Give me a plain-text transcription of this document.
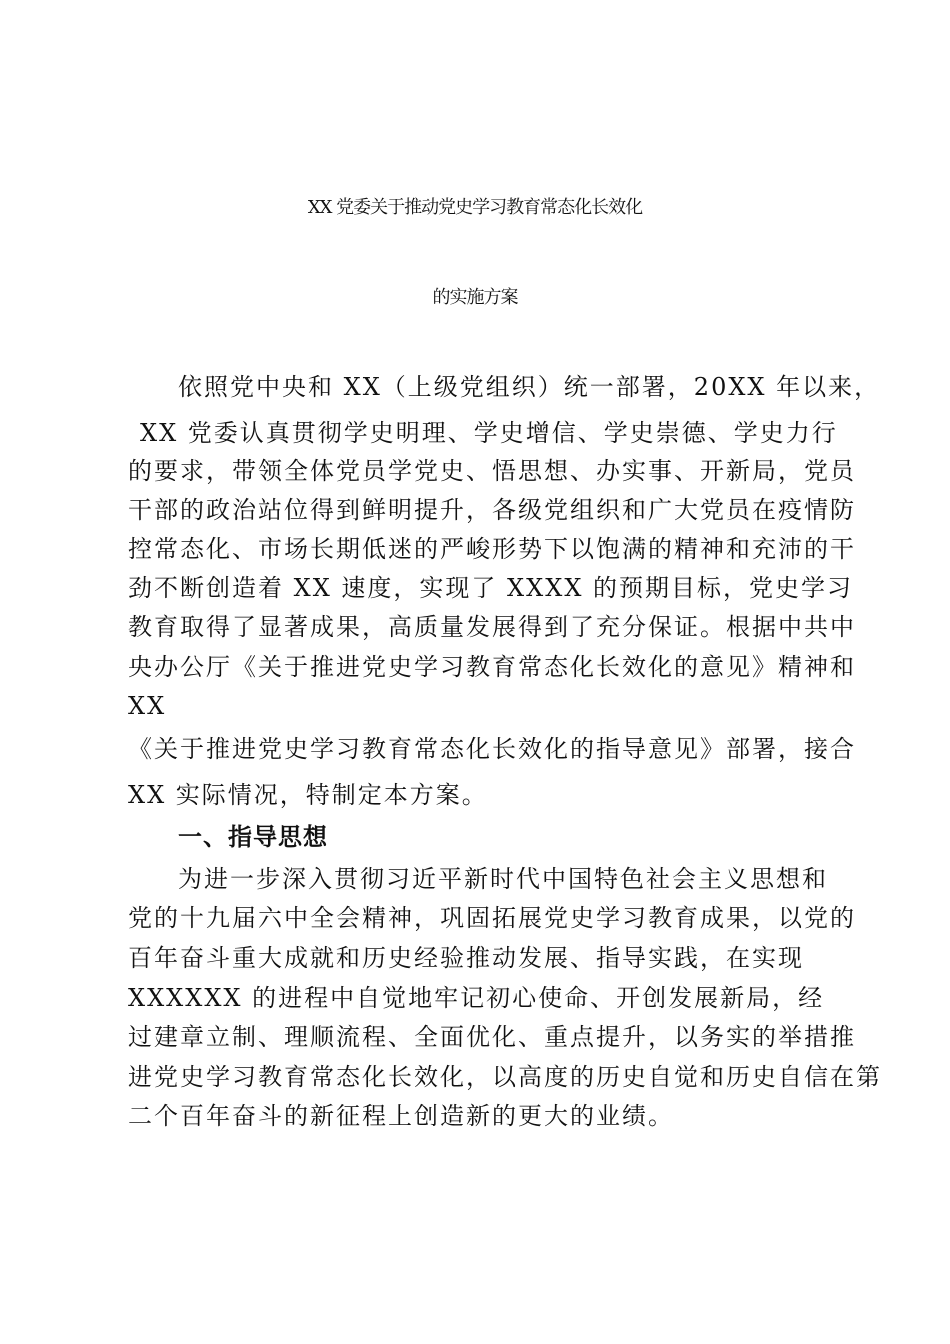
XX 党委关于推动党史学习教育常态化长效化
的实施方案
依照党中央和 XX（上级党组织）统一部署，20XX 年以来，
XX 党委认真贯彻学史明理、学史增信、学史崇德、学史力行
的要求，带领全体党员学党史、悟思想、办实事、开新局，党员
干部的政治站位得到鲜明提升，各级党组织和广大党员在疫情防
控常态化、市场长期低迷的严峻形势下以饱满的精神和充沛的干
劲不断创造着 XX 速度，实现了 XXXX 的预期目标，党史学习
教育取得了显著成果，高质量发展得到了充分保证。根据中共中
央办公厅《关于推进党史学习教育常态化长效化的意见》精神和
XX
《关于推进党史学习教育常态化长效化的指导意见》部署，接合
XX 实际情况，特制定本方案。
一、指导思想
为进一步深入贯彻习近平新时代中国特色社会主义思想和
党的十九届六中全会精神，巩固拓展党史学习教育成果，以党的
百年奋斗重大成就和历史经验推动发展、指导实践，在实现
XXXXXX 的进程中自觉地牢记初心使命、开创发展新局，经
过建章立制、理顺流程、全面优化、重点提升，以务实的举措推
进党史学习教育常态化长效化，以高度的历史自觉和历史自信在第
二个百年奋斗的新征程上创造新的更大的业绩。
